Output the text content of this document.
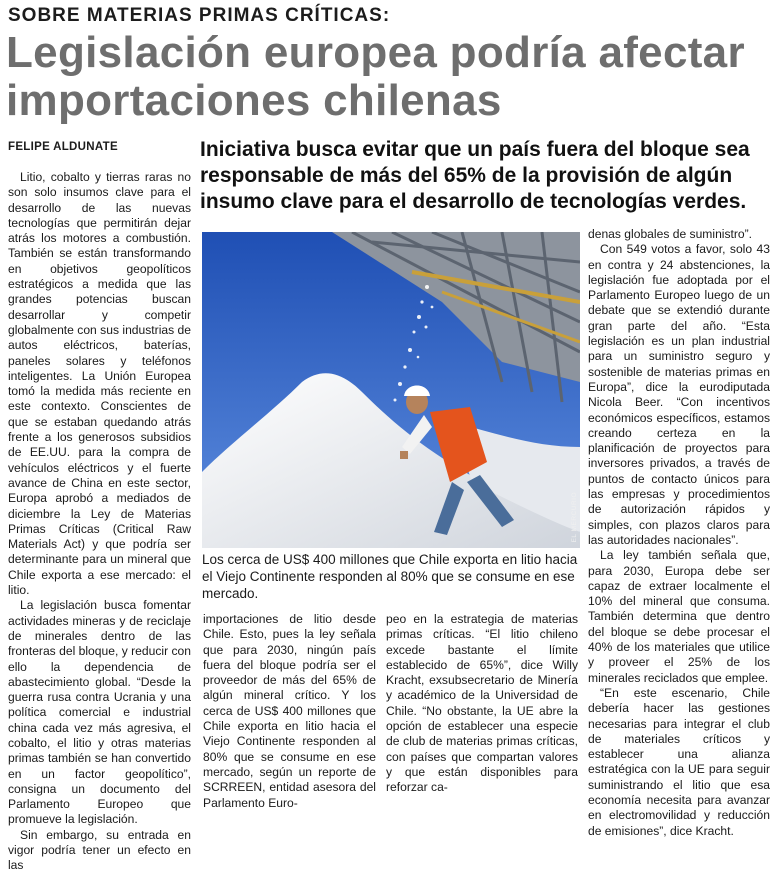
SOBRE MATERIAS PRIMAS CRÍTICAS:
Legislación europea podría afectar importaciones chilenas
FELIPE ALDUNATE	Iniciativa busca evitar que un país fuera del bloque sea responsable de más del 65% de la provisión de algún insumo clave para el desarrollo de tecnologías verdes.

Litio, cobalto y tierras raras no son solo insumos clave para el desarrollo de las nuevas tecnologías que permitirán dejar atrás los motores a combustión. También se están transformando en objetivos geopolíticos estratégicos a medida que las grandes potencias buscan desarrollar y competir globalmente con sus industrias de autos eléctricos, baterías, paneles solares y teléfonos inteligentes. La Unión Europea tomó la medida más reciente en este contexto. Conscientes de que se estaban quedando atrás frente a los generosos subsidios de EE.UU. para la compra de vehículos eléctricos y el fuerte avance de China en este sector, Europa aprobó a mediados de diciembre la Ley de Materias Primas Críticas (Critical Raw Materials Act) y que podría ser determinante para un mineral que Chile exporta a ese mercado: el litio.

La legislación busca fomentar actividades mineras y de reciclaje de minerales dentro de las fronteras del bloque, y reducir con ello la dependencia de abastecimiento global. “Desde la guerra rusa contra Ucrania y una política comercial e industrial china cada vez más agresiva, el cobalto, el litio y otras materias primas también se han convertido en un factor geopolítico”, consigna un documento del Parlamento Europeo que promueve la legislación.

Sin embargo, su entrada en vigor podría tener un efecto en las

EL MERCURIO
Los cerca de US$ 400 millones que Chile exporta en litio hacia el Viejo Continente responden al 80% que se consume en ese mercado.

importaciones de litio desde Chile. Esto, pues la ley señala que para 2030, ningún país fuera del bloque podría ser el proveedor de más del 65% de algún mineral crítico. Y los cerca de US$ 400 millones que Chile exporta en litio hacia el Viejo Continente responden al 80% que se consume en ese mercado, según un reporte de SCRREEN, entidad asesora del Parlamento Euro-

peo en la estrategia de materias primas críticas. “El litio chileno excede bastante el límite establecido de 65%”, dice Willy Kracht, exsubsecretario de Minería y académico de la Universidad de Chile. “No obstante, la UE abre la opción de establecer una especie de club de materias primas críticas, con países que compartan valores y que están disponibles para reforzar ca-

denas globales de suministro”.

Con 549 votos a favor, solo 43 en contra y 24 abstenciones, la legislación fue adoptada por el Parlamento Europeo luego de un debate que se extendió durante gran parte del año. “Esta legislación es un plan industrial para un suministro seguro y sostenible de materias primas en Europa”, dice la eurodiputada Nicola Beer. “Con incentivos económicos específicos, estamos creando certeza en la planificación de proyectos para inversores privados, a través de puntos de contacto únicos para las empresas y procedimientos de autorización rápidos y simples, con plazos claros para las autoridades nacionales”.

La ley también señala que, para 2030, Europa debe ser capaz de extraer localmente el 10% del mineral que consuma. También determina que dentro del bloque se debe procesar el 40% de los materiales que utilice y proveer el 25% de los minerales reciclados que emplee.

“En este escenario, Chile debería hacer las gestiones necesarias para integrar el club de materiales críticos y establecer una alianza estratégica con la UE para seguir suministrando el litio que esa economía necesita para avanzar en electromovilidad y reducción de emisiones”, dice Kracht.
